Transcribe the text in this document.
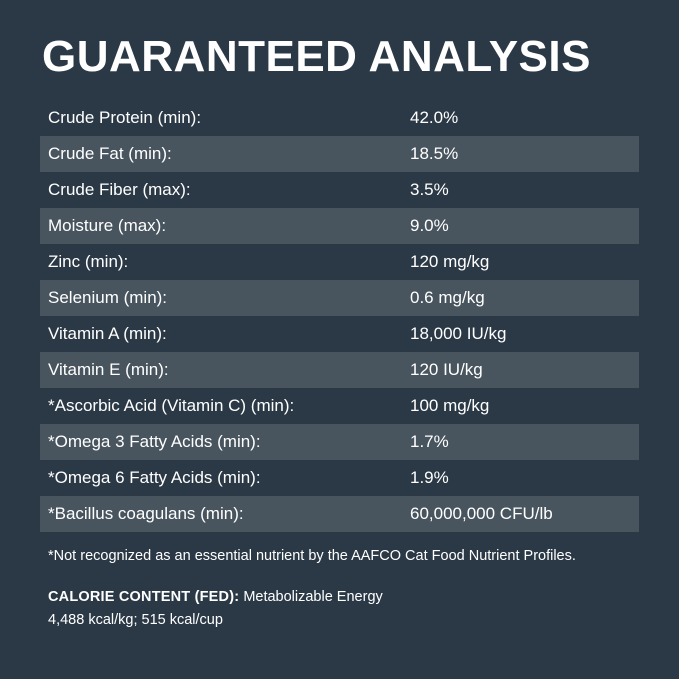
GUARANTEED ANALYSIS
Crude Protein (min):	42.0%
Crude Fat (min):	18.5%
Crude Fiber (max):	3.5%
Moisture (max):	9.0%
Zinc (min):	120 mg/kg
Selenium (min):	0.6 mg/kg
Vitamin A (min):	18,000 IU/kg
Vitamin E (min):	120 IU/kg
*Ascorbic Acid (Vitamin C) (min):	100 mg/kg
*Omega 3 Fatty Acids (min):	1.7%
*Omega 6 Fatty Acids (min):	1.9%
*Bacillus coagulans (min):	60,000,000 CFU/lb
*Not recognized as an essential nutrient by the AAFCO Cat Food Nutrient Profiles.
CALORIE CONTENT (FED): Metabolizable Energy
4,488 kcal/kg; 515 kcal/cup
